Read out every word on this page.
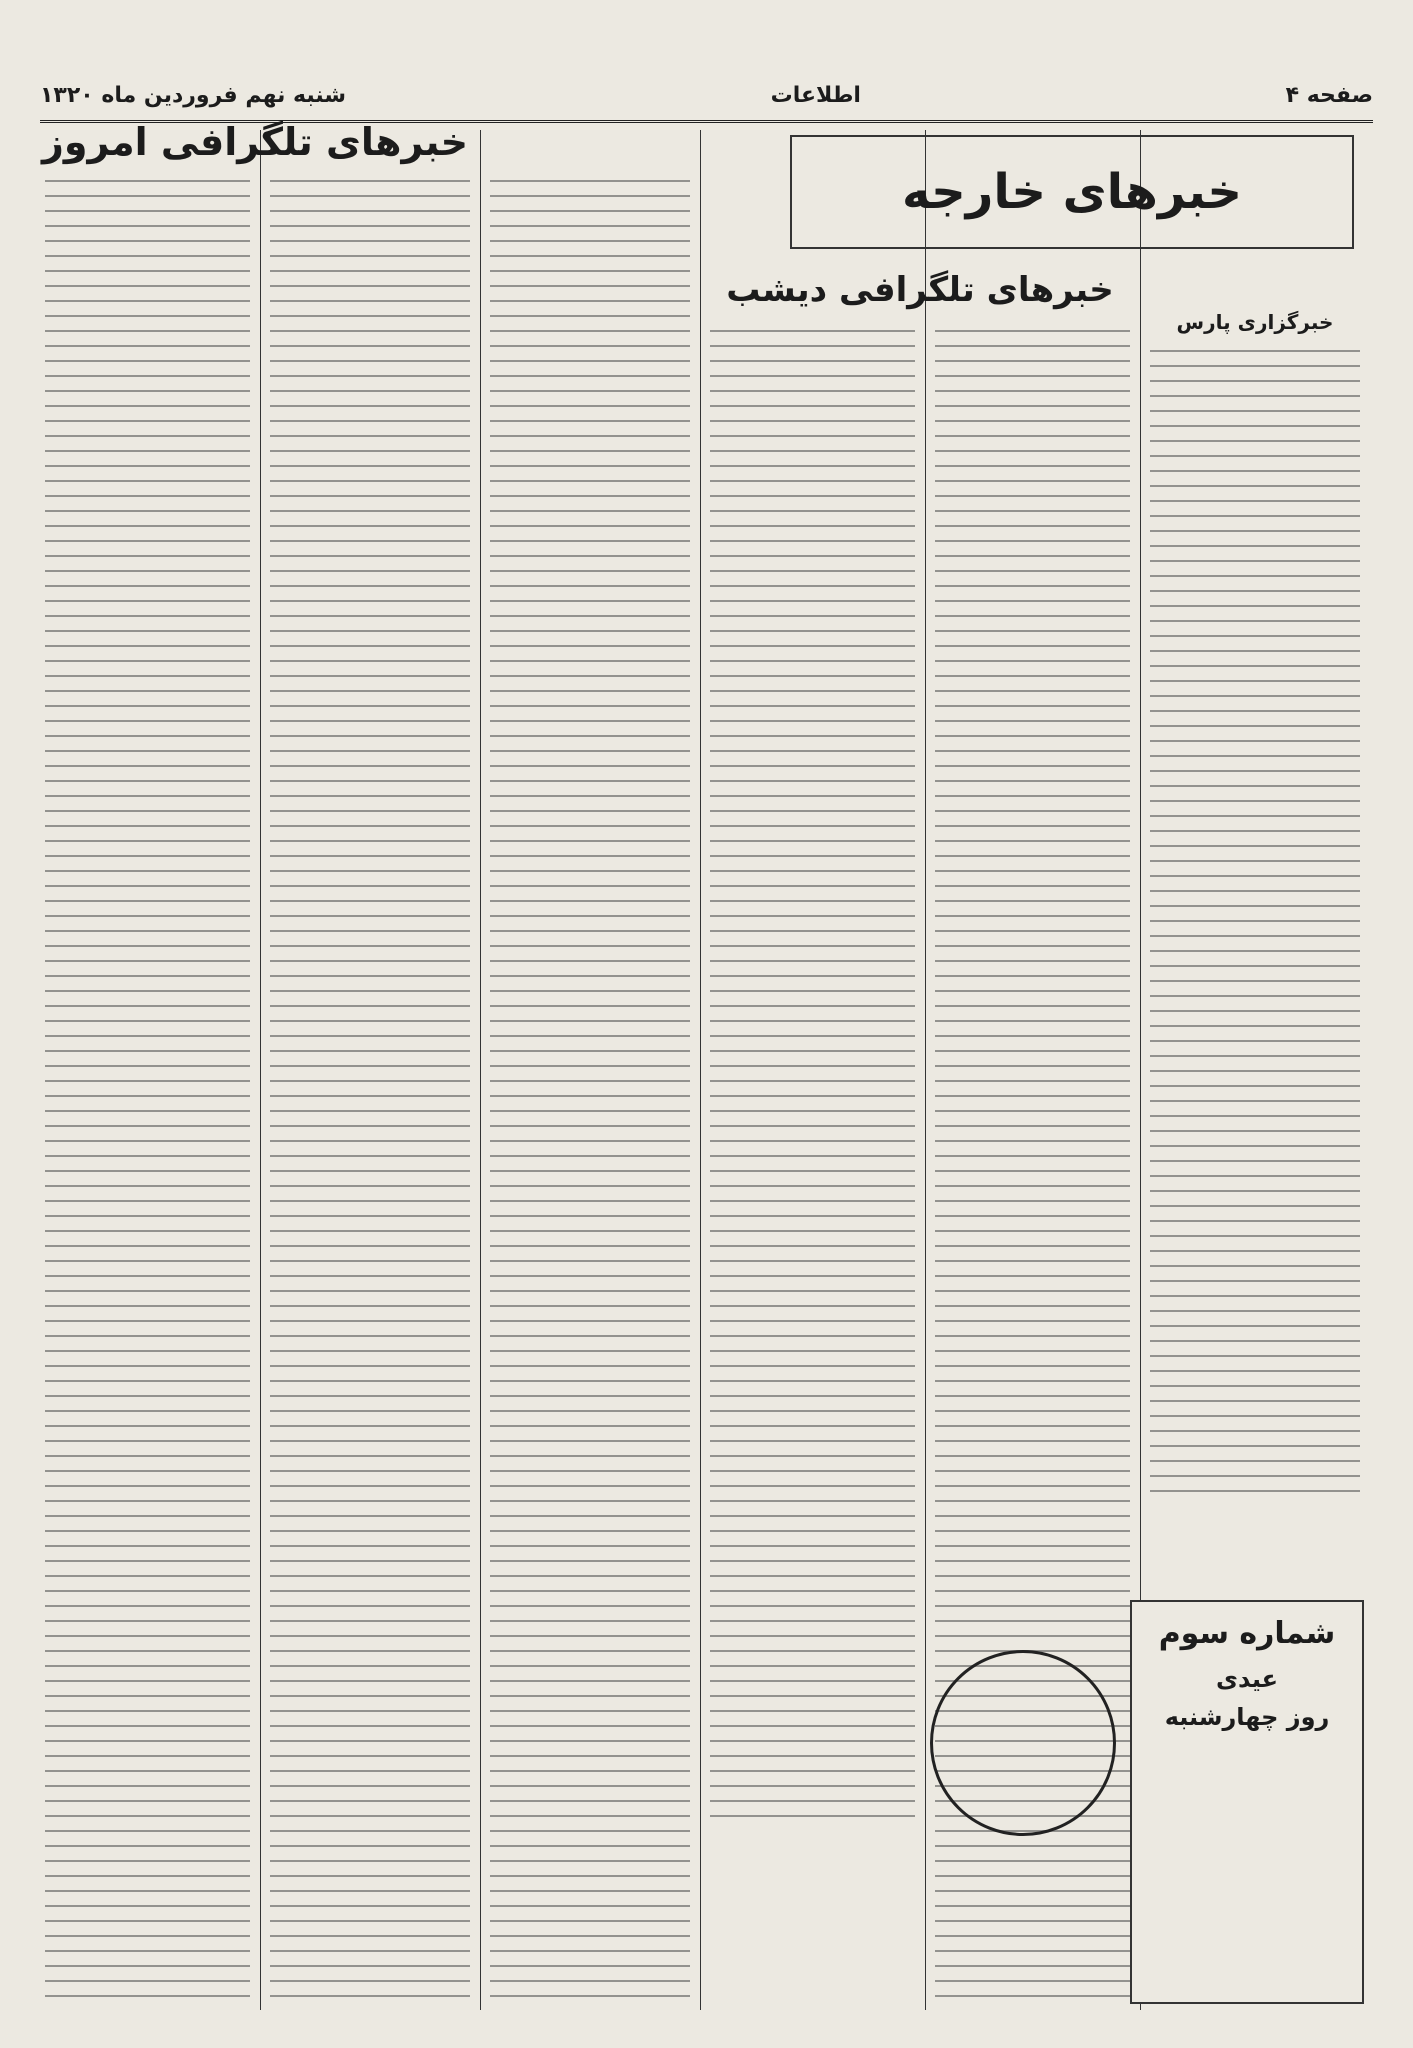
صفحه ۴
اطلاعات
شنبه نهم فروردین ماه ۱۳۲۰
خبرهای خارجه
خبرهای تلگرافی دیشب
خبرهای تلگرافی امروز
خبرگزاری پارس
شماره سوم
عیدی
روز چهارشنبه
